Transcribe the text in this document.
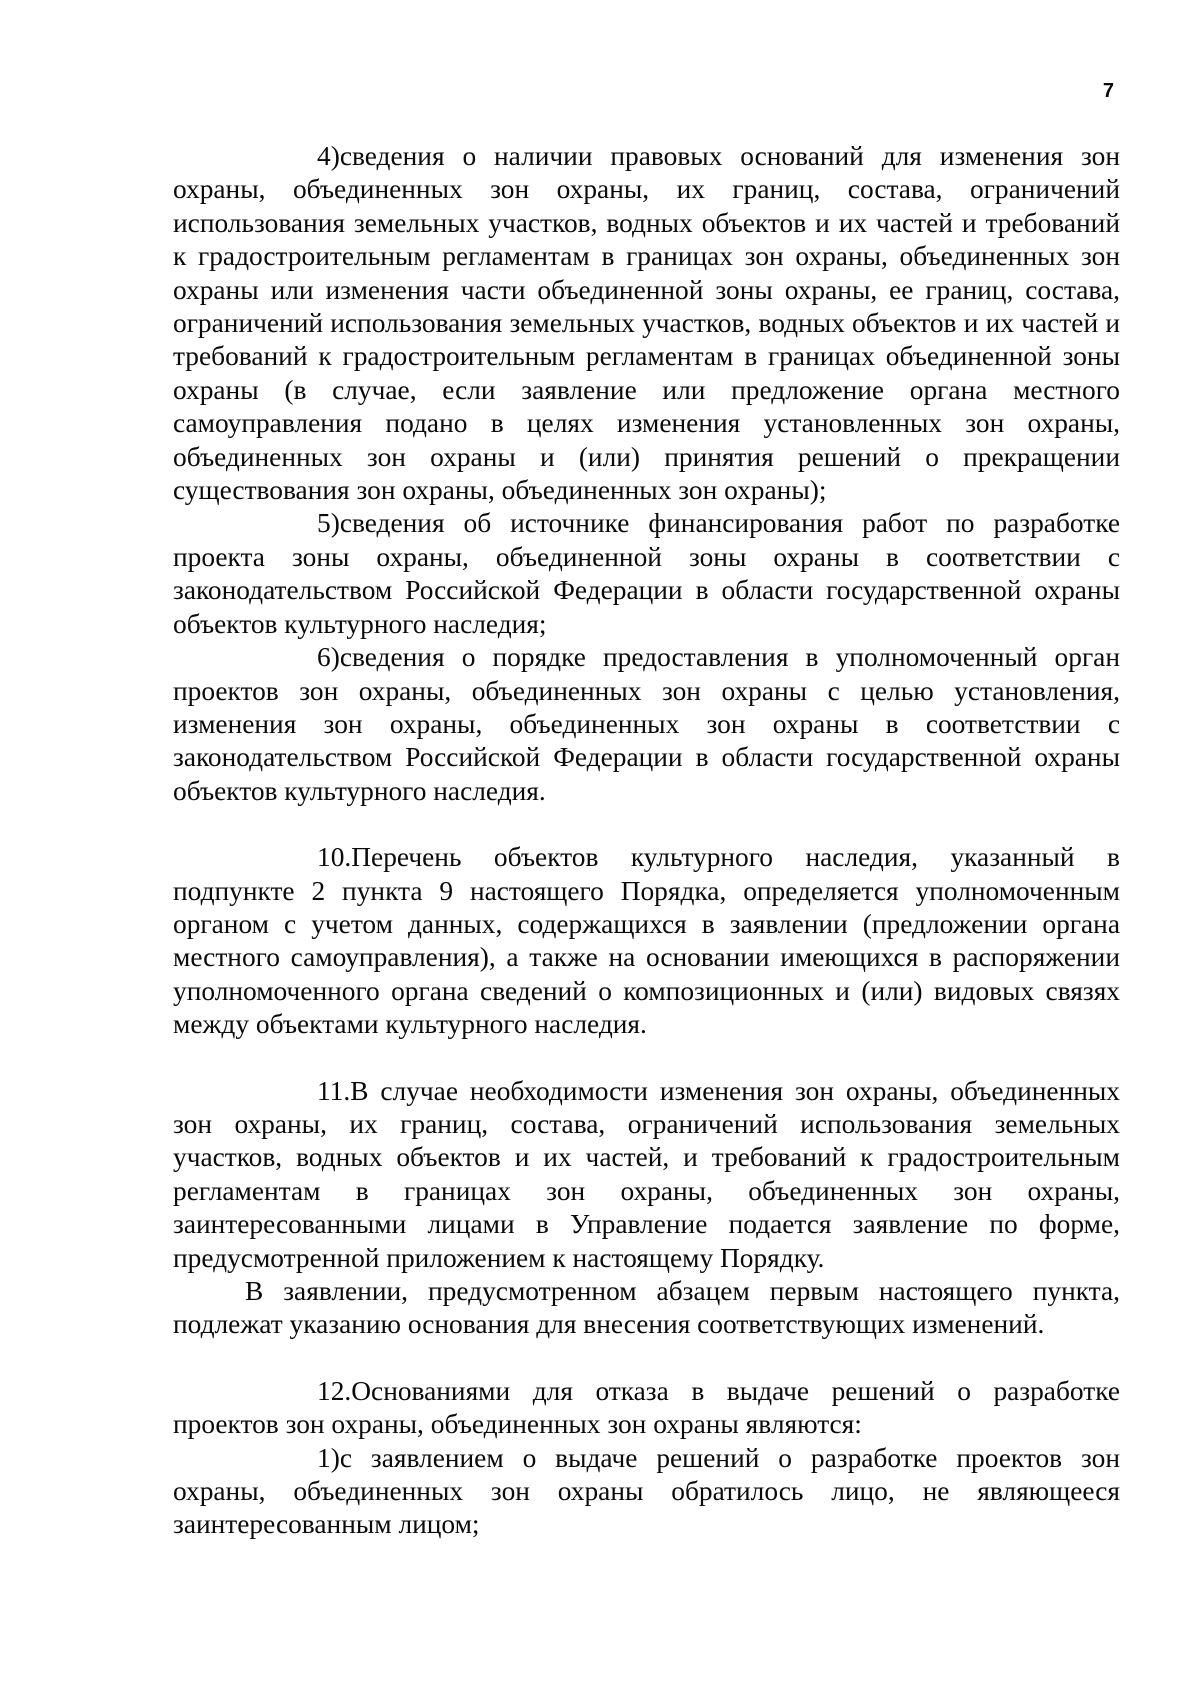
7

4)сведения о наличии правовых оснований для изменения зон охраны, объединенных зон охраны, их границ, состава, ограничений использования земельных участков, водных объектов и их частей и требований к градостроительным регламентам в границах зон охраны, объединенных зон охраны или изменения части объединенной зоны охраны, ее границ, состава, ограничений использования земельных участков, водных объектов и их частей и требований к градостроительным регламентам в границах объединенной зоны охраны (в случае, если заявление или предложение органа местного самоуправления подано в целях изменения установленных зон охраны, объединенных зон охраны и (или) принятия решений о прекращении существования зон охраны, объединенных зон охраны);

5)сведения об источнике финансирования работ по разработке проекта зоны охраны, объединенной зоны охраны в соответствии с законодательством Российской Федерации в области государственной охраны объектов культурного наследия;

6)сведения о порядке предоставления в уполномоченный орган проектов зон охраны, объединенных зон охраны с целью установления, изменения зон охраны, объединенных зон охраны в соответствии с законодательством Российской Федерации в области государственной охраны объектов культурного наследия.

10.Перечень объектов культурного наследия, указанный в подпункте 2 пункта 9 настоящего Порядка, определяется уполномоченным органом с учетом данных, содержащихся в заявлении (предложении органа местного самоуправления), а также на основании имеющихся в распоряжении уполномоченного органа сведений о композиционных и (или) видовых связях между объектами культурного наследия.

11.В случае необходимости изменения зон охраны, объединенных зон охраны, их границ, состава, ограничений использования земельных участков, водных объектов и их частей, и требований к градостроительным регламентам в границах зон охраны, объединенных зон охраны, заинтересованными лицами в Управление подается заявление по форме, предусмотренной приложением к настоящему Порядку.

В заявлении, предусмотренном абзацем первым настоящего пункта, подлежат указанию основания для внесения соответствующих изменений.

12.Основаниями для отказа в выдаче решений о разработке проектов зон охраны, объединенных зон охраны являются:

1)с заявлением о выдаче решений о разработке проектов зон охраны, объединенных зон охраны обратилось лицо, не являющееся заинтересованным лицом;
